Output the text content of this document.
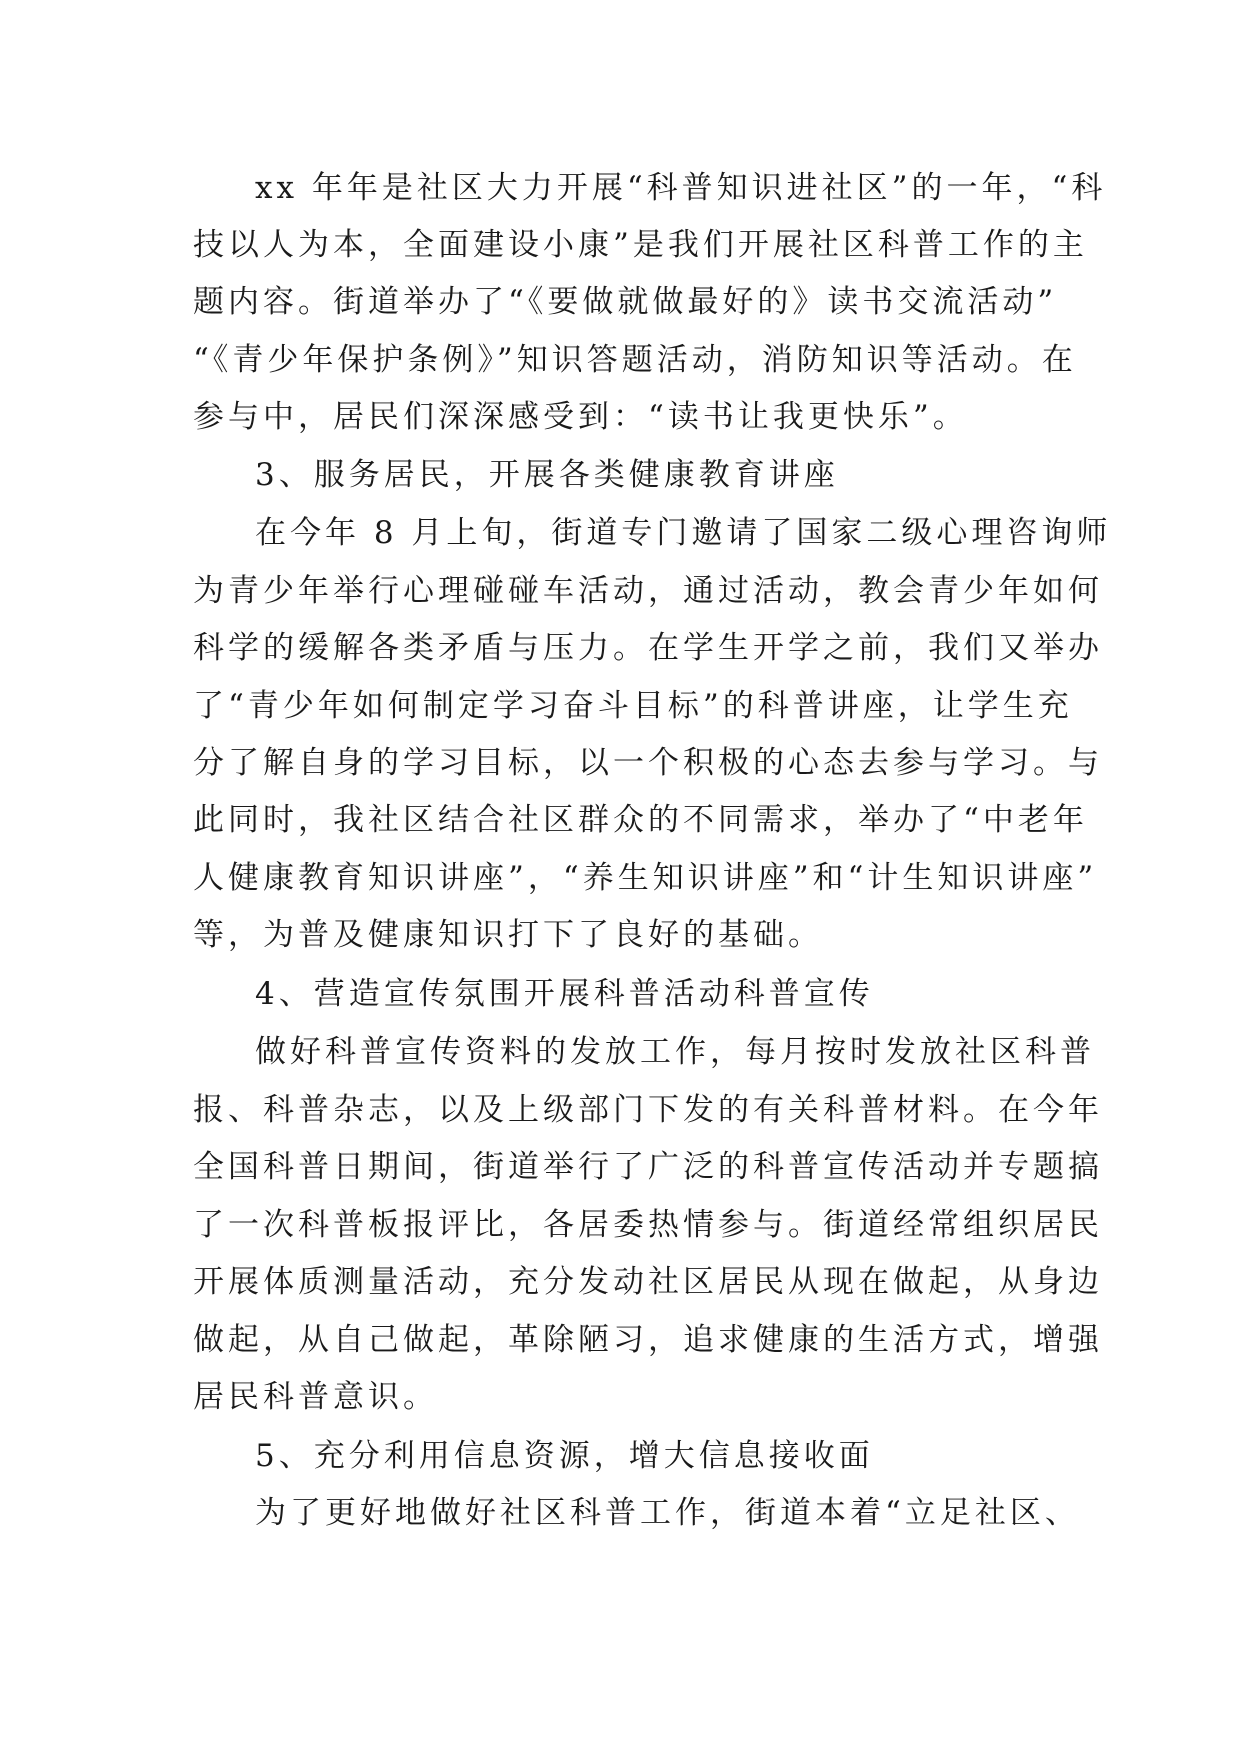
xx 年年是社区大力开展“科普知识进社区”的一年，“科
技以人为本，全面建设小康”是我们开展社区科普工作的主
题内容。街道举办了“《要做就做最好的》读书交流活动”
“《青少年保护条例》”知识答题活动，消防知识等活动。在
参与中，居民们深深感受到：“读书让我更快乐”。
3、服务居民，开展各类健康教育讲座
在今年 8 月上旬，街道专门邀请了国家二级心理咨询师
为青少年举行心理碰碰车活动，通过活动，教会青少年如何
科学的缓解各类矛盾与压力。在学生开学之前，我们又举办
了“青少年如何制定学习奋斗目标”的科普讲座，让学生充
分了解自身的学习目标，以一个积极的心态去参与学习。与
此同时，我社区结合社区群众的不同需求，举办了“中老年
人健康教育知识讲座”，“养生知识讲座”和“计生知识讲座”
等，为普及健康知识打下了良好的基础。
4、营造宣传氛围开展科普活动科普宣传
做好科普宣传资料的发放工作，每月按时发放社区科普
报、科普杂志，以及上级部门下发的有关科普材料。在今年
全国科普日期间，街道举行了广泛的科普宣传活动并专题搞
了一次科普板报评比，各居委热情参与。街道经常组织居民
开展体质测量活动，充分发动社区居民从现在做起，从身边
做起，从自己做起，革除陋习，追求健康的生活方式，增强
居民科普意识。
5、充分利用信息资源，增大信息接收面
为了更好地做好社区科普工作，街道本着“立足社区、
